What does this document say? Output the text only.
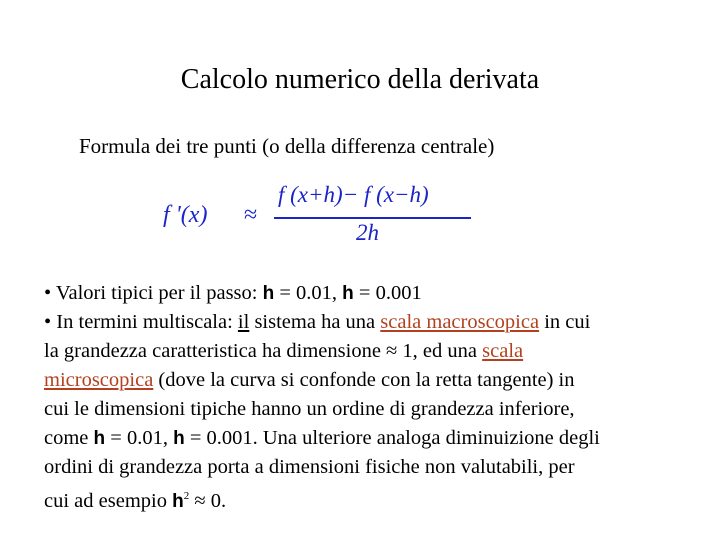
Calcolo numerico della derivata
Formula dei tre punti (o della differenza centrale)
f '(x) ≈
f (x+h)− f (x−h)
2h

• Valori tipici per il passo: h = 0.01, h = 0.001

• In termini multiscala: il sistema ha una scala macroscopica in cui

la grandezza caratteristica ha dimensione ≈ 1, ed una scala

microscopica (dove la curva si confonde con la retta tangente) in

cui le dimensioni tipiche hanno un ordine di grandezza inferiore,

come h = 0.01, h = 0.001. Una ulteriore analoga diminuizione degli

ordini di grandezza porta a dimensioni fisiche non valutabili, per

cui ad esempio $h^2 \approx 0$.
